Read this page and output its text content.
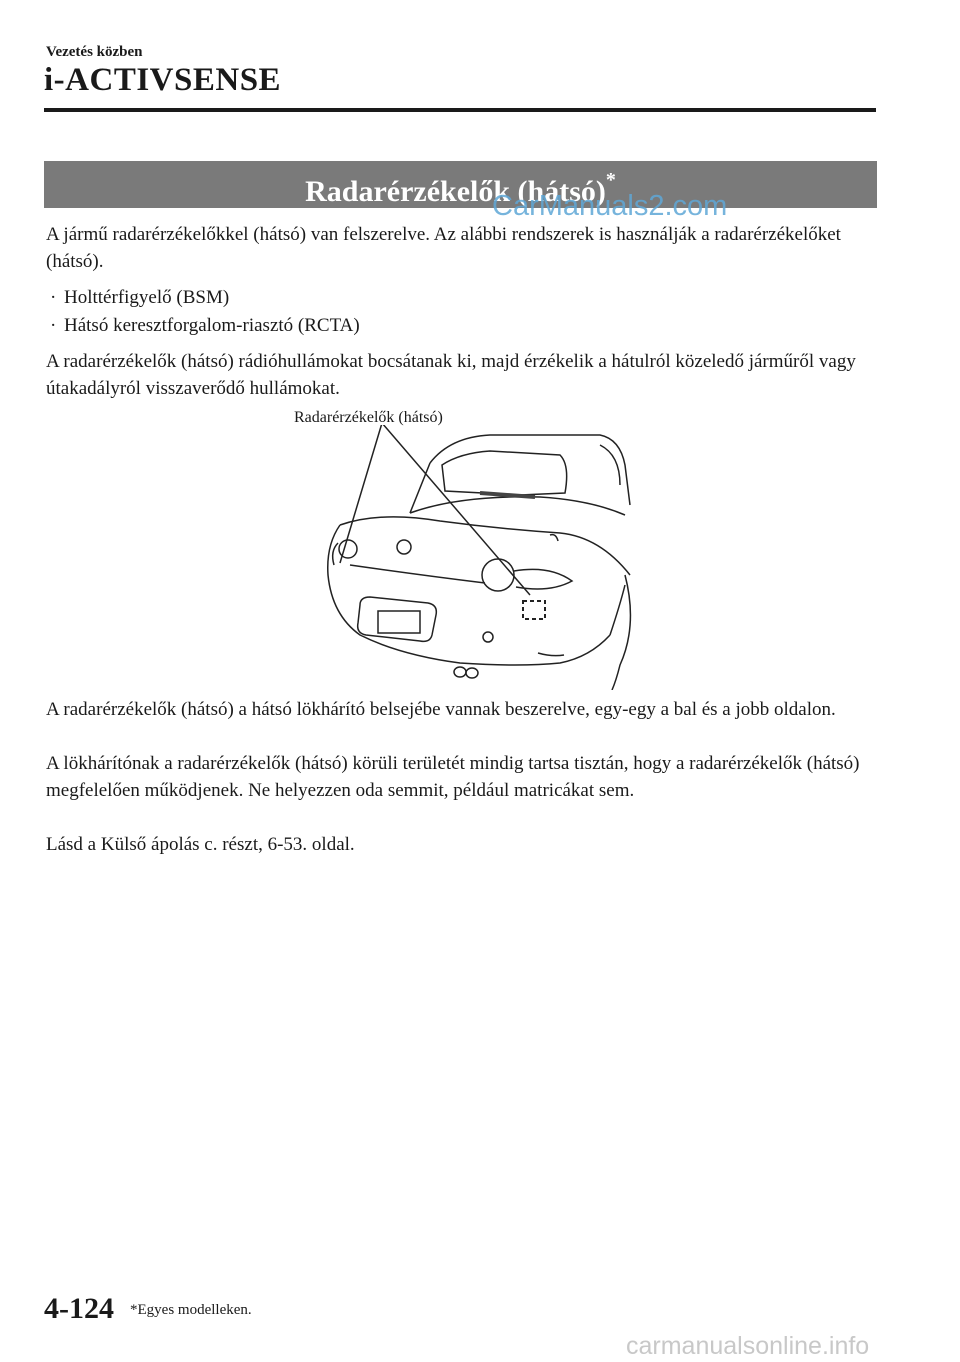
Vezetés közben
i-ACTIVSENSE
Radarérzékelők (hátsó)*
CarManuals2.com

A jármű radarérzékelőkkel (hátsó) van felszerelve. Az alábbi rendszerek is használják a radarérzékelőket (hátsó).

· Holttérfigyelő (BSM)
· Hátsó keresztforgalom-riasztó (RCTA)

A radarérzékelők (hátsó) rádióhullámokat bocsátanak ki, majd érzékelik a hátulról közeledő járműről vagy útakadályról visszaverődő hullámokat.

Radarérzékelők (hátsó)

A radarérzékelők (hátsó) a hátsó lökhárító belsejébe vannak beszerelve, egy-egy a bal és a jobb oldalon.

A lökhárítónak a radarérzékelők (hátsó) körüli területét mindig tartsa tisztán, hogy a radarérzékelők (hátsó) megfelelően működjenek. Ne helyezzen oda semmit, például matricákat sem.

Lásd a Külső ápolás c. részt, 6-53. oldal.

4-124 *Egyes modelleken.
carmanualsonline.info
